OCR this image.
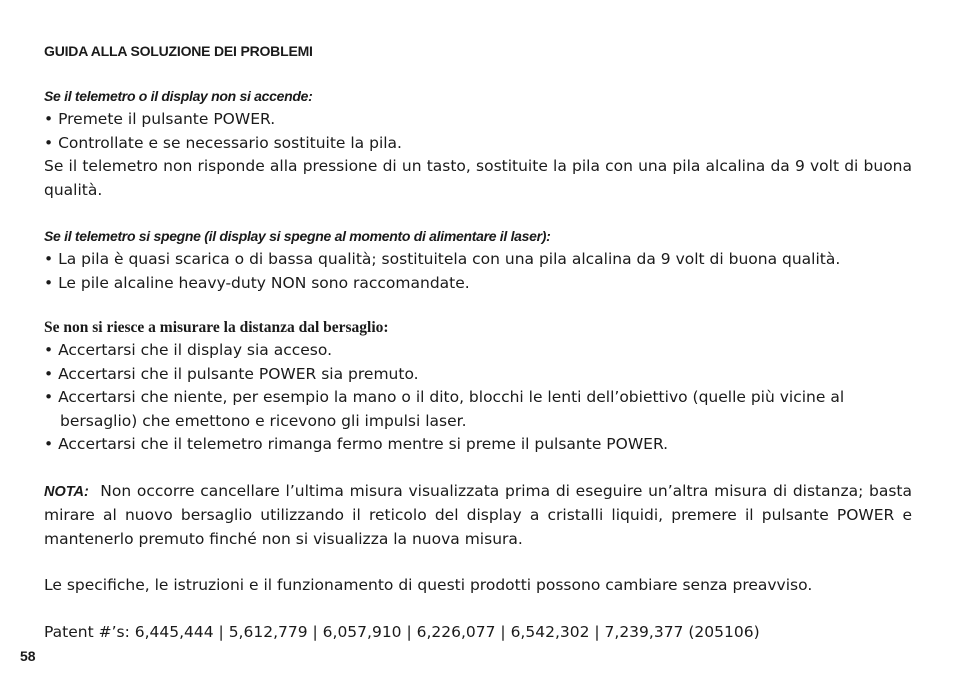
GUIDA ALLA SOLUZIONE DEI PROBLEMI
Se il telemetro o il display non si accende:

• Premete il pulsante POWER.

• Controllate e se necessario sostituite la pila.

Se il telemetro non risponde alla pressione di un tasto, sostituite la pila con una pila alcalina da 9 volt di buona qualità.

Se il telemetro si spegne (il display si spegne al momento di alimentare il laser):

• La pila è quasi scarica o di bassa qualità; sostituitela con una pila alcalina da 9 volt di buona qualità.

• Le pile alcaline heavy-duty NON sono raccomandate.

Se non si riesce a misurare la distanza dal bersaglio:

• Accertarsi che il display sia acceso.

• Accertarsi che il pulsante POWER sia premuto.

• Accertarsi che niente, per esempio la mano o il dito, blocchi le lenti dell’obiettivo (quelle più vicine al bersaglio) che emettono e ricevono gli impulsi laser.

• Accertarsi che il telemetro rimanga fermo mentre si preme il pulsante POWER.

NOTA: Non occorre cancellare l’ultima misura visualizzata prima di eseguire un’altra misura di distanza; basta mirare al nuovo bersaglio utilizzando il reticolo del display a cristalli liquidi, premere il pulsante POWER e mantenerlo premuto finché non si visualizza la nuova misura.

Le specifiche, le istruzioni e il funzionamento di questi prodotti possono cambiare senza preavviso.

Patent #’s: 6,445,444 | 5,612,779 | 6,057,910 | 6,226,077 | 6,542,302 | 7,239,377 (205106)

58
